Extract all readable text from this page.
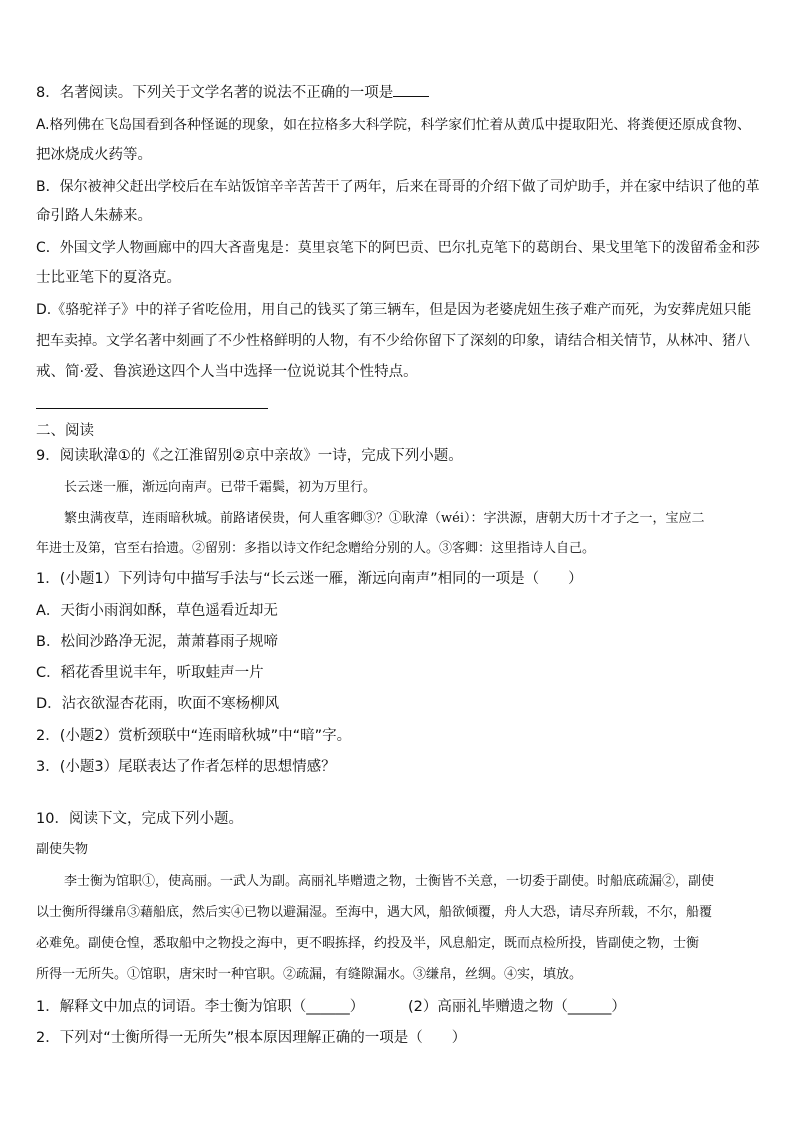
8．名著阅读。下列关于文学名著的说法不正确的一项是
A.格列佛在飞岛国看到各种怪诞的现象，如在拉格多大科学院，科学家们忙着从黄瓜中提取阳光、将粪便还原成食物、
把冰烧成火药等。
B．保尔被神父赶出学校后在车站饭馆辛辛苦苦干了两年，后来在哥哥的介绍下做了司炉助手，并在家中结识了他的革
命引路人朱赫来。
C．外国文学人物画廊中的四大吝啬鬼是：莫里哀笔下的阿巴贡、巴尔扎克笔下的葛朗台、果戈里笔下的泼留希金和莎
士比亚笔下的夏洛克。
D.《骆驼祥子》中的祥子省吃俭用，用自己的钱买了第三辆车，但是因为老婆虎妞生孩子难产而死，为安葬虎妞只能
把车卖掉。文学名著中刻画了不少性格鲜明的人物，有不少给你留下了深刻的印象，请结合相关情节，从林冲、猪八
戒、简·爱、鲁滨逊这四个人当中选择一位说说其个性特点。
二、阅读
9．阅读耿湋①的《之江淮留别②京中亲故》一诗，完成下列小题。
长云迷一雁，渐远向南声。已带千霜鬓，初为万里行。
繁虫满夜草，连雨暗秋城。前路诸侯贵，何人重客卿③？①耿湋（wéi）：字洪源，唐朝大历十才子之一，宝应二
年进士及第，官至右拾遗。②留别：多指以诗文作纪念赠给分别的人。③客卿：这里指诗人自己。
1．(小题1）下列诗句中描写手法与“长云迷一雁，渐远向南声”相同的一项是（　　）
A．天街小雨润如酥，草色遥看近却无
B．松间沙路净无泥，萧萧暮雨子规啼
C．稻花香里说丰年，听取蛙声一片
D．沾衣欲湿杏花雨，吹面不寒杨柳风
2．(小题2）赏析颈联中“连雨暗秋城”中“暗”字。
3．(小题3）尾联表达了作者怎样的思想情感？
10．阅读下文，完成下列小题。
副使失物
李士衡为馆职①，使高丽。一武人为副。高丽礼毕赠遗之物，士衡皆不关意，一切委于副使。时船底疏漏②，副使
以士衡所得缣帛③藉船底，然后实④已物以避漏湿。至海中，遇大风，船欲倾覆，舟人大恐，请尽弃所载，不尔，船覆
必难免。副使仓惶，悉取船中之物投之海中，更不暇拣择，约投及半，风息船定，既而点检所投，皆副使之物，士衡
所得一无所失。①馆职，唐宋时一种官职。②疏漏，有缝隙漏水。③缣帛，丝绸。④实，填放。
1．解释文中加点的词语。李士衡为馆职（______）	(2）高丽礼毕赠遗之物（______）
2．下列对“士衡所得一无所失”根本原因理解正确的一项是（　　）
